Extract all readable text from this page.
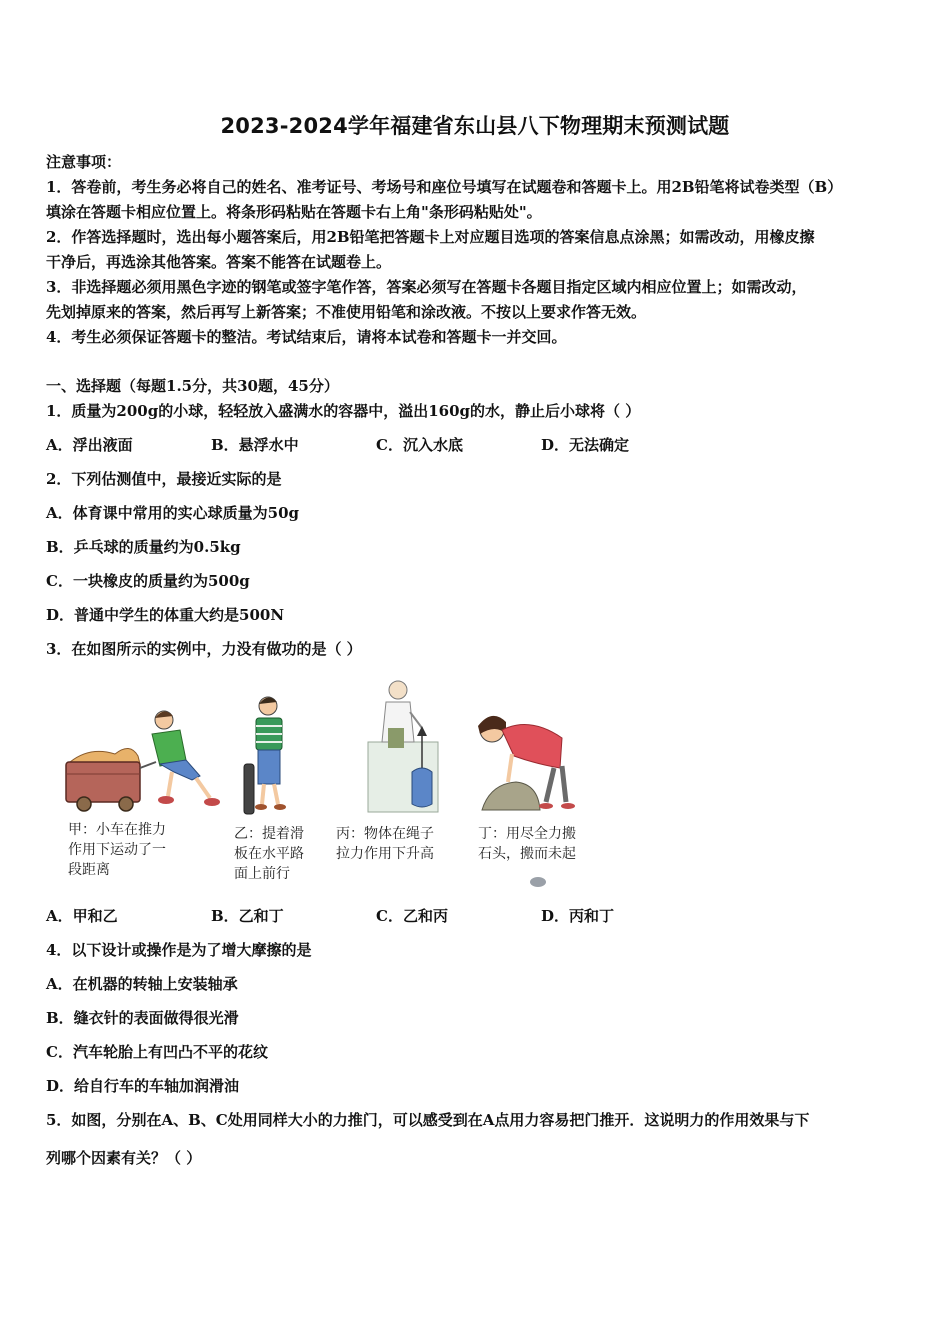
2023-2024学年福建省东山县八下物理期末预测试题
注意事项：
1．答卷前，考生务必将自己的姓名、准考证号、考场号和座位号填写在试题卷和答题卡上。用2B铅笔将试卷类型（B）
填涂在答题卡相应位置上。将条形码粘贴在答题卡右上角"条形码粘贴处"。
2．作答选择题时，选出每小题答案后，用2B铅笔把答题卡上对应题目选项的答案信息点涂黑；如需改动，用橡皮擦
干净后，再选涂其他答案。答案不能答在试题卷上。
3．非选择题必须用黑色字迹的钢笔或签字笔作答，答案必须写在答题卡各题目指定区域内相应位置上；如需改动，
先划掉原来的答案，然后再写上新答案；不准使用铅笔和涂改液。不按以上要求作答无效。
4．考生必须保证答题卡的整洁。考试结束后，请将本试卷和答题卡一并交回。
一、选择题（每题1.5分，共30题，45分）
1．质量为200g的小球，轻轻放入盛满水的容器中，溢出160g的水，静止后小球将（ ）
A．浮出液面	B．悬浮水中	C．沉入水底	D．无法确定
2．下列估测值中，最接近实际的是
A．体育课中常用的实心球质量为50g
B．乒乓球的质量约为0.5kg
C．一块橡皮的质量约为500g
D．普通中学生的体重大约是500N
3．在如图所示的实例中，力没有做功的是（ ）
甲：小车在推力
作用下运动了一
段距离
乙：提着滑
板在水平路
面上前行
丙：物体在绳子
拉力作用下升高
丁：用尽全力搬
石头，搬而未起
A．甲和乙	B．乙和丁	C．乙和丙	D．丙和丁
4．以下设计或操作是为了增大摩擦的是
A．在机器的转轴上安装轴承
B．缝衣针的表面做得很光滑
C．汽车轮胎上有凹凸不平的花纹
D．给自行车的车轴加润滑油
5．如图，分别在A、B、C处用同样大小的力推门，可以感受到在A点用力容易把门推开．这说明力的作用效果与下
列哪个因素有关？（ ）
